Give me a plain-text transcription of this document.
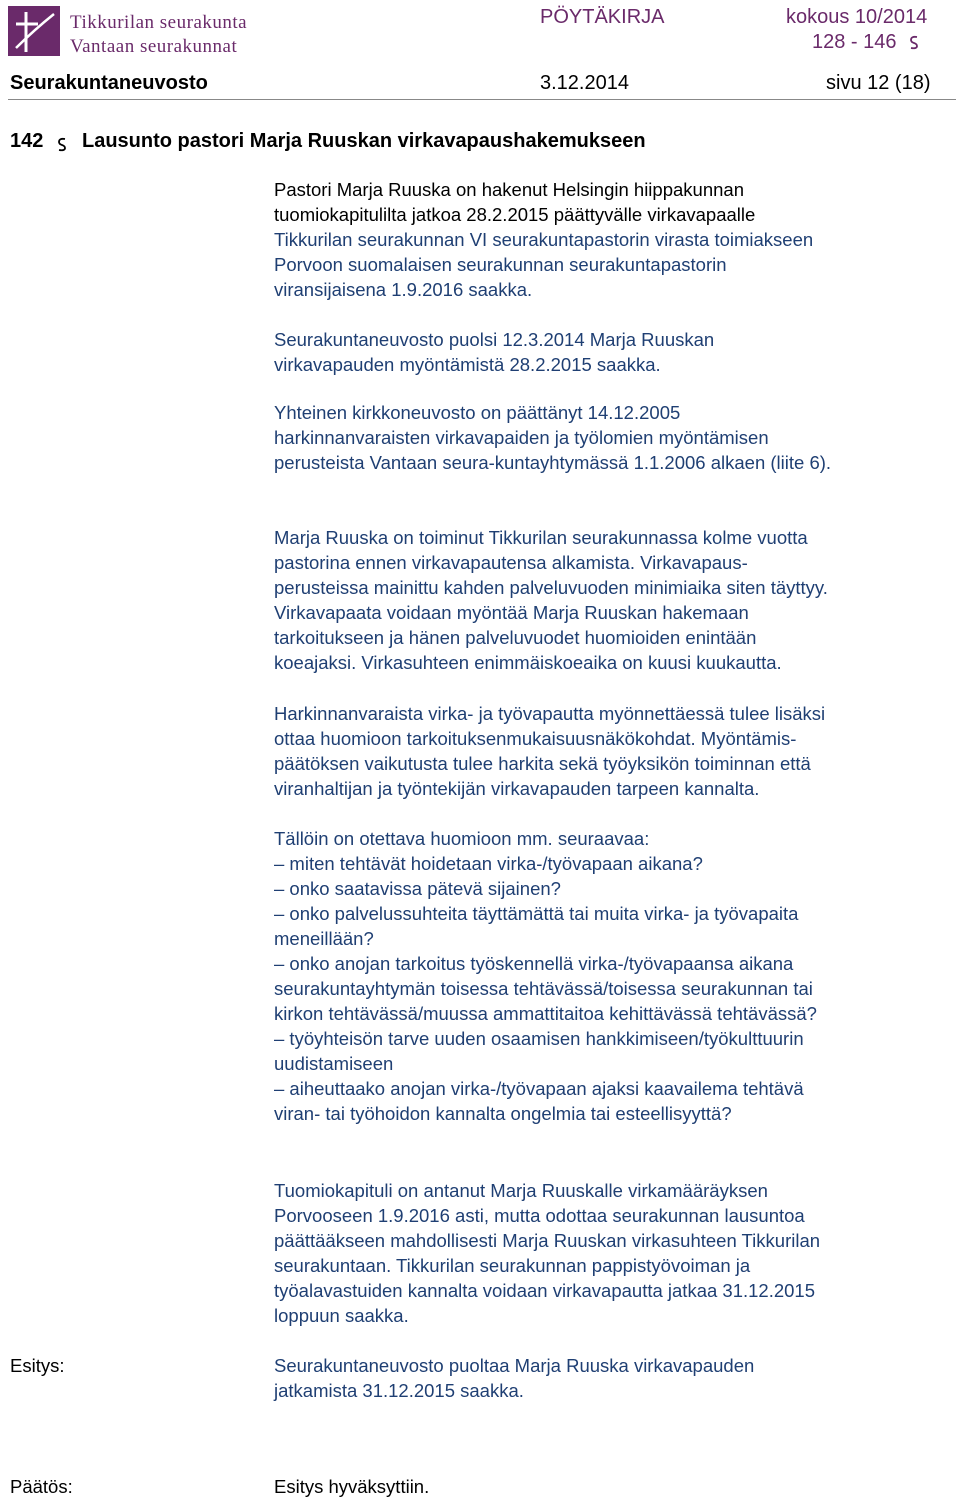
Tikkurilan seurakunta
Vantaan seurakunnat
PÖYTÄKIRJA	kokous 10/2014
128 - 146
Seurakuntaneuvosto	3.12.2014	sivu 12 (18)
142 Lausunto pastori Marja Ruuskan virkavapaushakemukseen
Pastori Marja Ruuska on hakenut Helsingin hiippakunnan
tuomiokapitulilta jatkoa 28.2.2015 päättyvälle virkavapaalle
Tikkurilan seurakunnan VI seurakuntapastorin virasta toimiakseen
Porvoon suomalaisen seurakunnan seurakuntapastorin
viransijaisena 1.9.2016 saakka.
Seurakuntaneuvosto puolsi 12.3.2014 Marja Ruuskan
virkavapauden myöntämistä 28.2.2015 saakka.
Yhteinen kirkkoneuvosto on päättänyt 14.12.2005
harkinnanvaraisten virkavapaiden ja työlomien myöntämisen
perusteista Vantaan seura-kuntayhtymässä 1.1.2006 alkaen (liite 6).
Marja Ruuska on toiminut Tikkurilan seurakunnassa kolme vuotta
pastorina ennen virkavapautensa alkamista. Virkavapaus-
perusteissa mainittu kahden palveluvuoden minimiaika siten täyttyy.
Virkavapaata voidaan myöntää Marja Ruuskan hakemaan
tarkoitukseen ja hänen palveluvuodet huomioiden enintään
koeajaksi. Virkasuhteen enimmäiskoeaika on kuusi kuukautta.
Harkinnanvaraista virka- ja työvapautta myönnettäessä tulee lisäksi
ottaa huomioon tarkoituksenmukaisuusnäkökohdat. Myöntämis-
päätöksen vaikutusta tulee harkita sekä työyksikön toiminnan että
viranhaltijan ja työntekijän virkavapauden tarpeen kannalta.
Tällöin on otettava huomioon mm. seuraavaa:
– miten tehtävät hoidetaan virka-/työvapaan aikana?
– onko saatavissa pätevä sijainen?
– onko palvelussuhteita täyttämättä tai muita virka- ja työvapaita
meneillään?
– onko anojan tarkoitus työskennellä virka-/työvapaansa aikana
seurakuntayhtymän toisessa tehtävässä/toisessa seurakunnan tai
kirkon tehtävässä/muussa ammattitaitoa kehittävässä tehtävässä?
– työyhteisön tarve uuden osaamisen hankkimiseen/työkulttuurin
uudistamiseen
– aiheuttaako anojan virka-/työvapaan ajaksi kaavailema tehtävä
viran- tai työhoidon kannalta ongelmia tai esteellisyyttä?
Tuomiokapituli on antanut Marja Ruuskalle virkamääräyksen
Porvooseen 1.9.2016 asti, mutta odottaa seurakunnan lausuntoa
päättääkseen mahdollisesti Marja Ruuskan virkasuhteen Tikkurilan
seurakuntaan. Tikkurilan seurakunnan pappistyövoiman ja
työalavastuiden kannalta voidaan virkavapautta jatkaa 31.12.2015
loppuun saakka.
Esitys:	Seurakuntaneuvosto puoltaa Marja Ruuska virkavapauden
jatkamista 31.12.2015 saakka.
Päätös:	Esitys hyväksyttiin.
